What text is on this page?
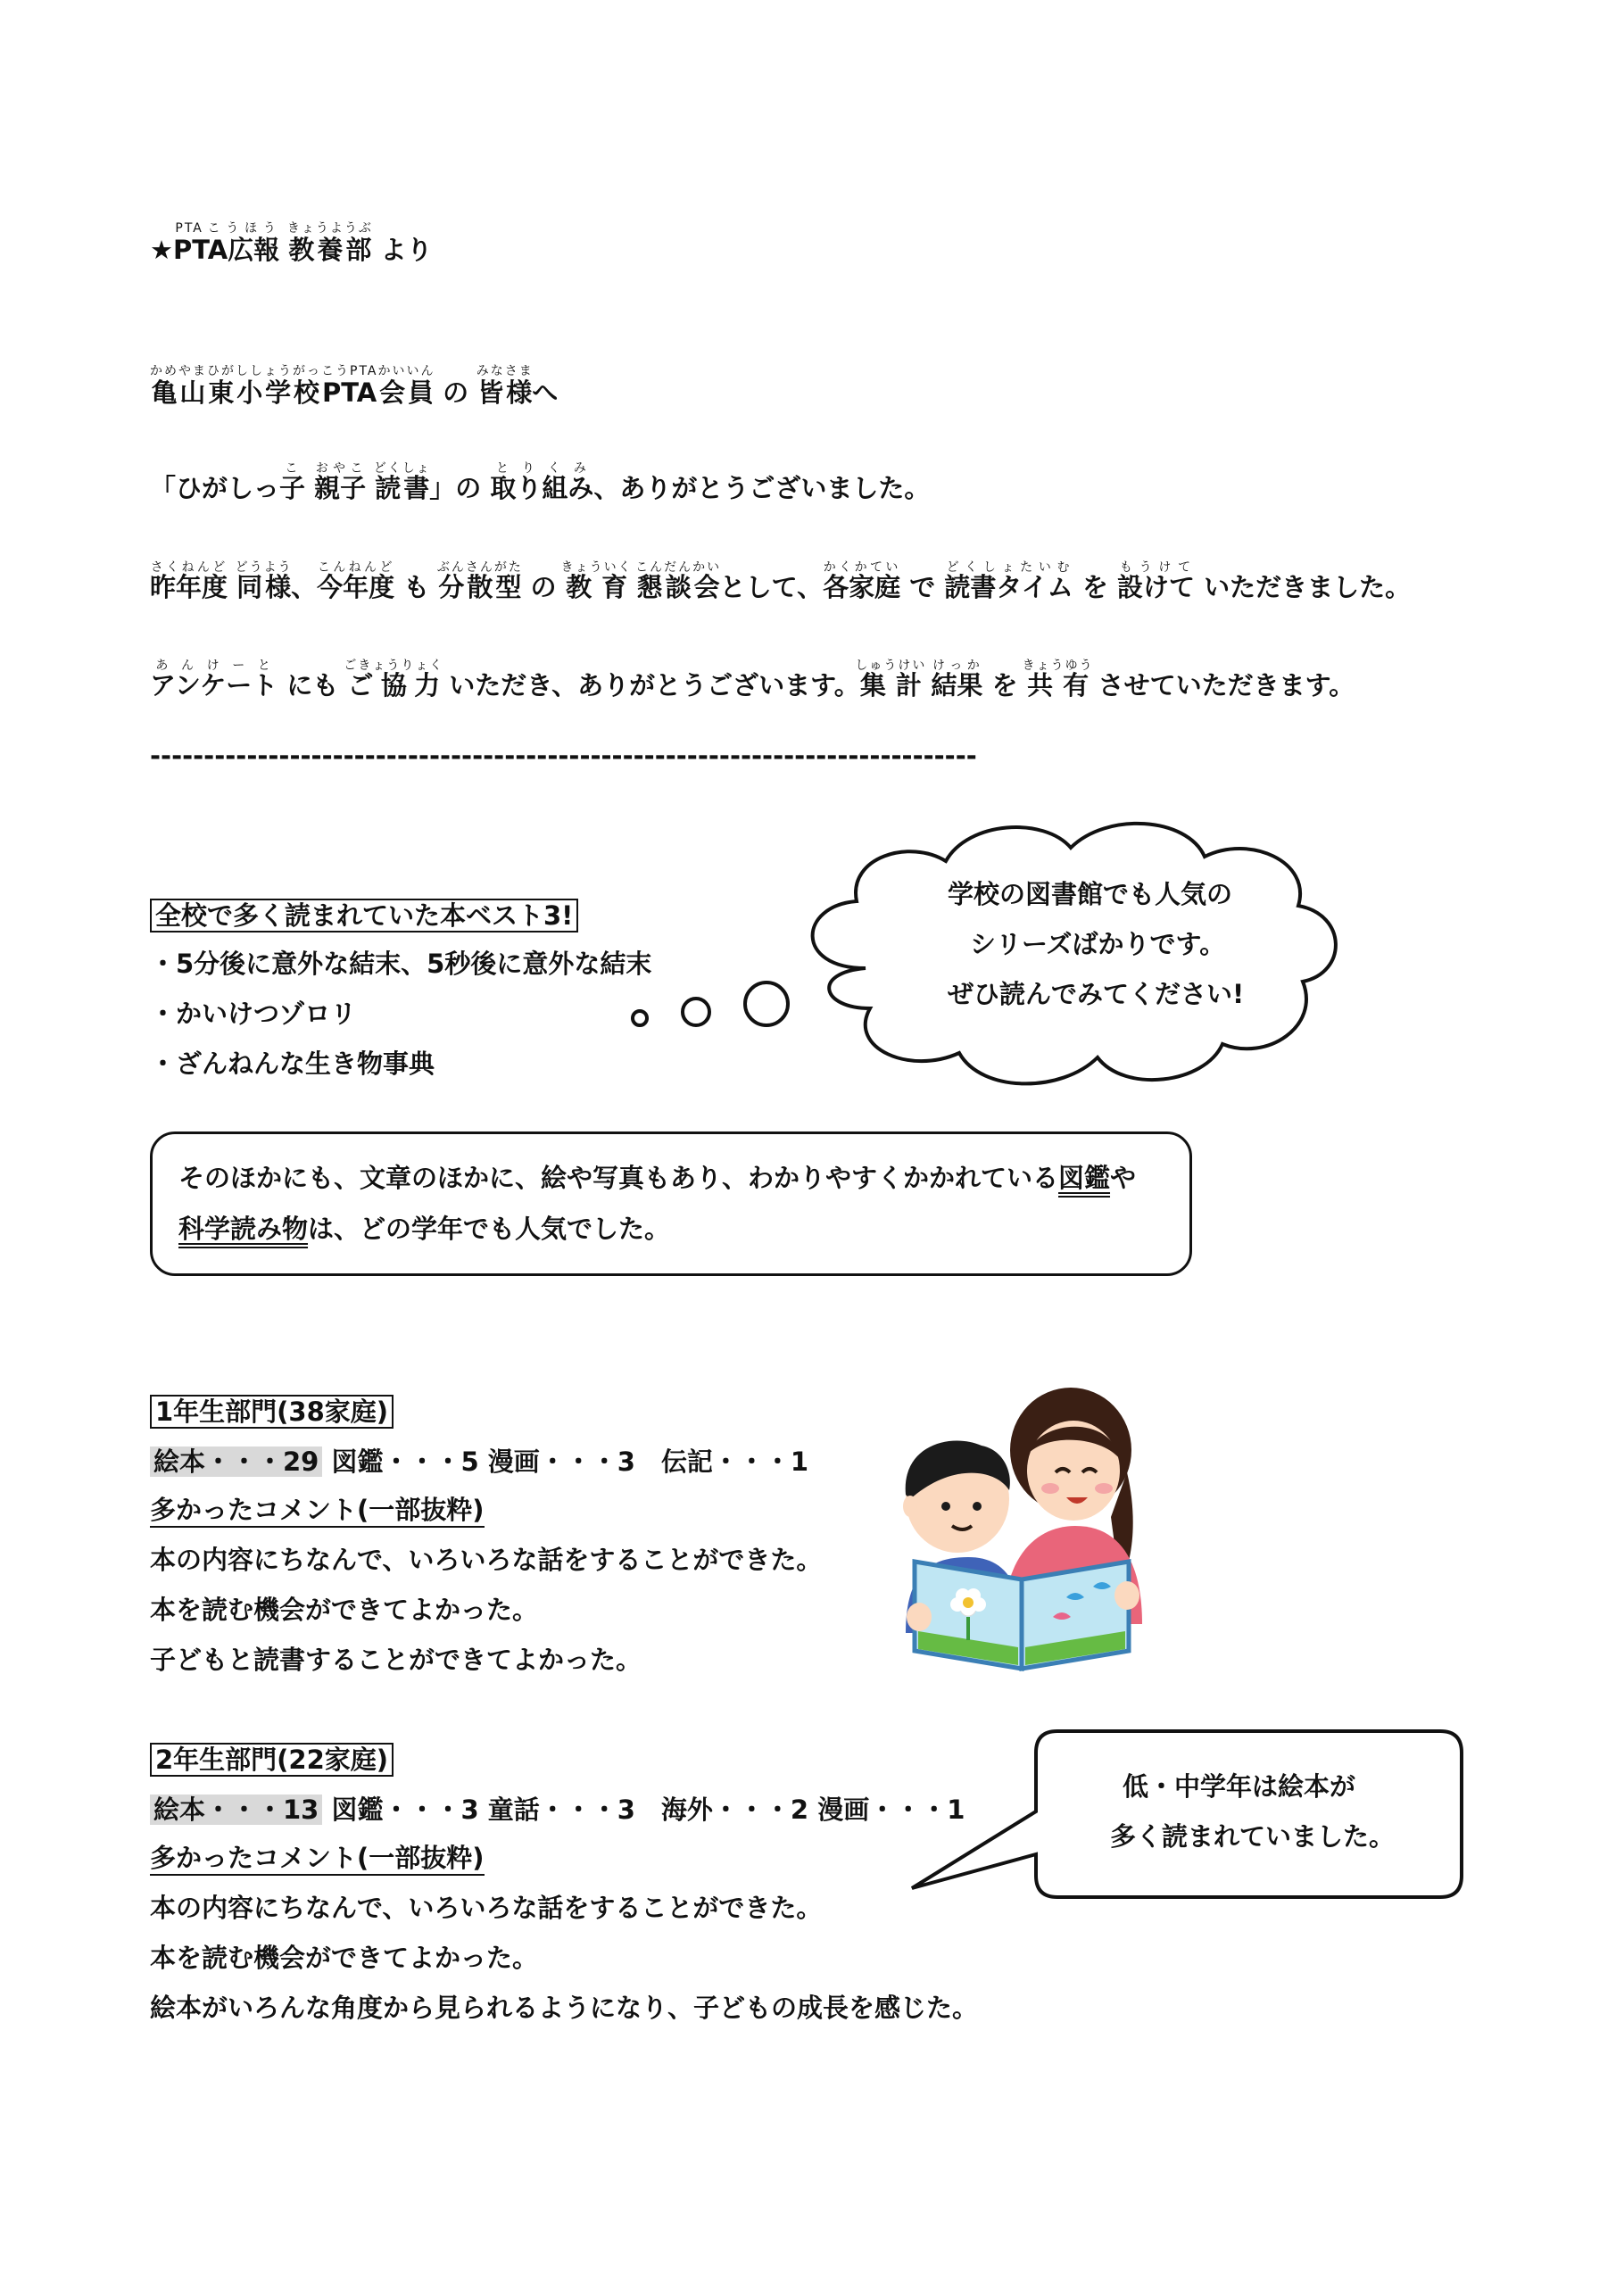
★PTA広報PTAこうほう 教養部きょうようぶ より
亀山東小学校PTA会員かめやまひがししょうがっこうPTAかいいん の 皆様みなさまへ
「ひがしっ子こ 親子おやこ 読書どくしょ」の 取り組みとりくみ、ありがとうございました。
昨年度さくねんど 同様どうよう、今年度こんねんど も 分散型ぶんさんがた の 教育きょういく 懇談会こんだんかいとして、各家庭かくかてい で 読書タイムどくしょたいむ を 設けてもうけて いただきました。
アンケートあんけーと にも ご協力ごきょうりょく いただき、ありがとうございます。集計しゅうけい 結果けっか を 共有きょうゆう させていただきます。
-----------------------------------------------------------------------------
全校で多く読まれていた本ベスト3!
・5分後に意外な結末、5秒後に意外な結末
・かいけつゾロリ
・ざんねんな生き物事典
学校の図書館でも人気の
シリーズばかりです。
ぜひ読んでみてください!
そのほかにも、文章のほかに、絵や写真もあり、わかりやすくかかれている図鑑や
科学読み物は、どの学年でも人気でした。
1年生部門(38家庭)
絵本・・・29 図鑑・・・5 漫画・・・3　伝記・・・1
多かったコメント(一部抜粋)
本の内容にちなんで、いろいろな話をすることができた。
本を読む機会ができてよかった。
子どもと読書することができてよかった。
2年生部門(22家庭)
絵本・・・13 図鑑・・・3 童話・・・3　海外・・・2 漫画・・・1
多かったコメント(一部抜粋)
本の内容にちなんで、いろいろな話をすることができた。
本を読む機会ができてよかった。
絵本がいろんな角度から見られるようになり、子どもの成長を感じた。
低・中学年は絵本が
多く読まれていました。
